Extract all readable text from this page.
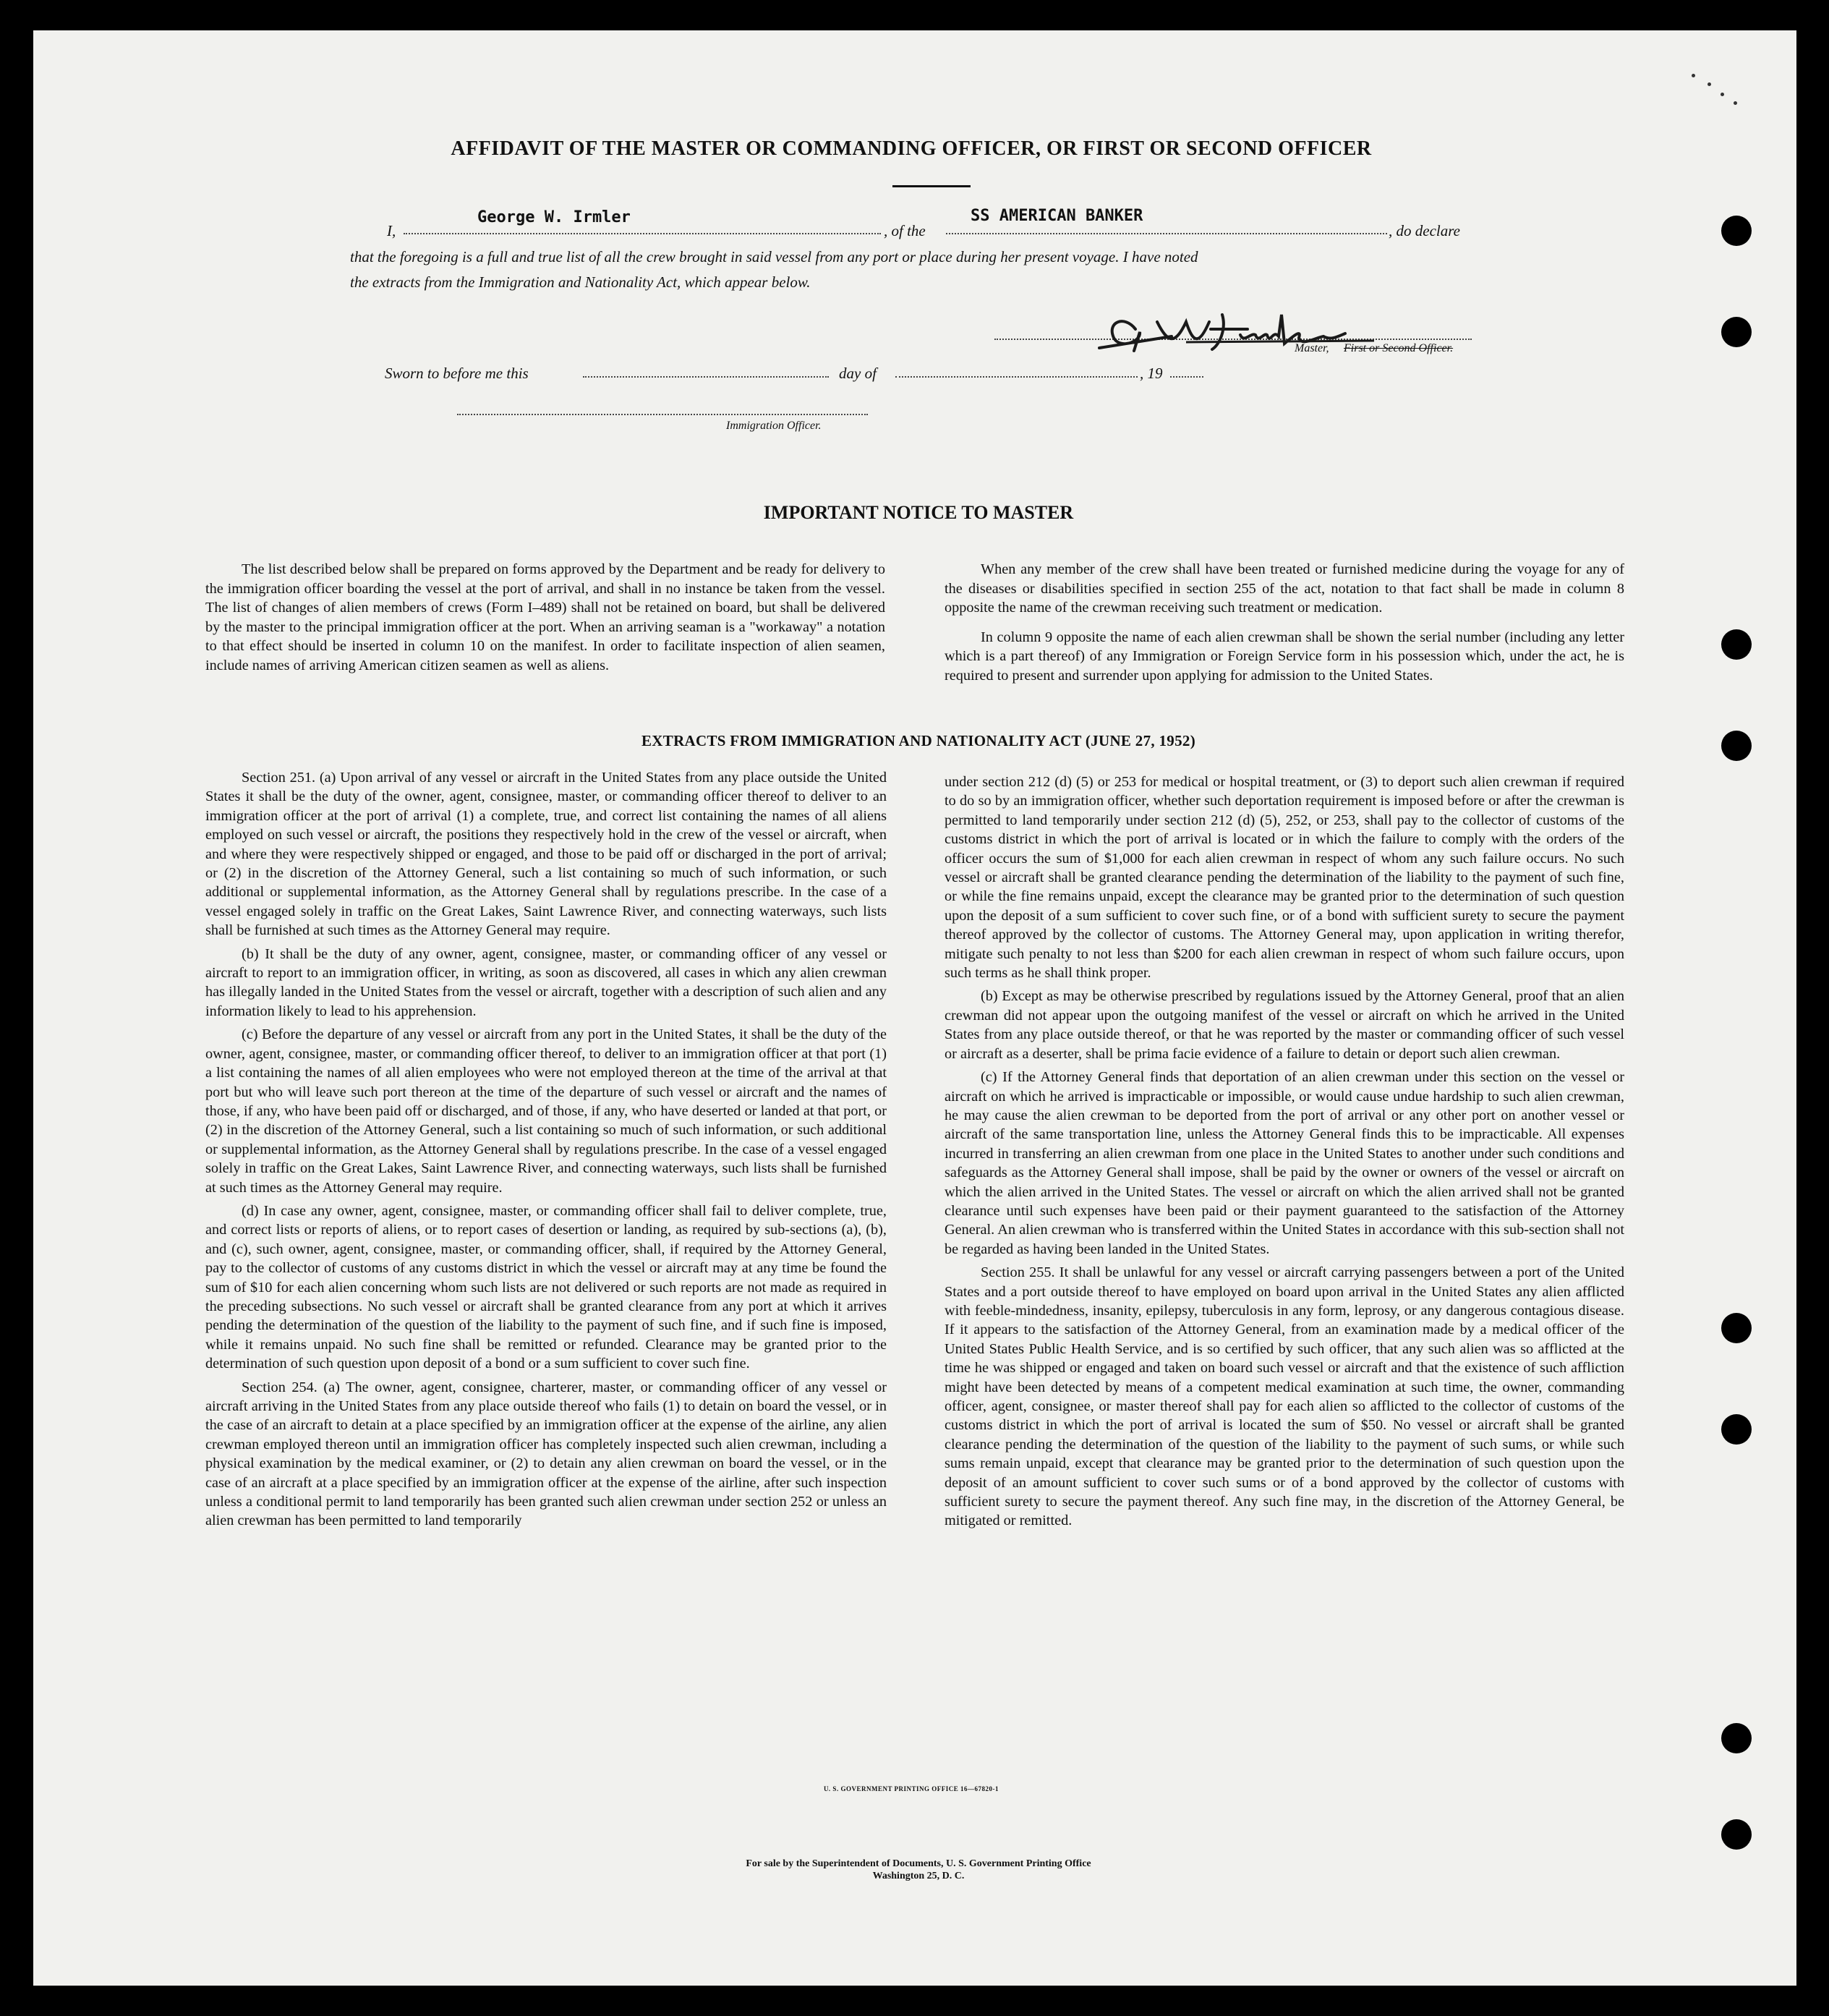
AFFIDAVIT OF THE MASTER OR COMMANDING OFFICER, OR FIRST OR SECOND OFFICER
I,
George W. Irmler
, of the
SS AMERICAN BANKER
, do declare
that the foregoing is a full and true list of all the crew brought in said vessel from any port or place during her present voyage. I have noted
the extracts from the Immigration and Nationality Act, which appear below.
Master, First or Second Officer.
Sworn to before me this	day of	, 19
Immigration Officer.
IMPORTANT NOTICE TO MASTER

The list described below shall be prepared on forms approved by the Department and be ready for delivery to the immigration officer boarding the vessel at the port of arrival, and shall in no instance be taken from the vessel. The list of changes of alien members of crews (Form I–489) shall not be retained on board, but shall be delivered by the master to the principal immigration officer at the port. When an arriving seaman is a "workaway" a notation to that effect should be inserted in column 10 on the manifest. In order to facilitate inspection of alien seamen, include names of arriving American citizen seamen as well as aliens.

When any member of the crew shall have been treated or furnished medicine during the voyage for any of the diseases or disabilities specified in section 255 of the act, notation to that fact shall be made in column 8 opposite the name of the crewman receiving such treatment or medication.

In column 9 opposite the name of each alien crewman shall be shown the serial number (including any letter which is a part thereof) of any Immigration or Foreign Service form in his possession which, under the act, he is required to present and surrender upon applying for admission to the United States.

EXTRACTS FROM IMMIGRATION AND NATIONALITY ACT (JUNE 27, 1952)

Section 251. (a) Upon arrival of any vessel or aircraft in the United States from any place outside the United States it shall be the duty of the owner, agent, consignee, master, or commanding officer thereof to deliver to an immigration officer at the port of arrival (1) a complete, true, and correct list containing the names of all aliens employed on such vessel or aircraft, the positions they respectively hold in the crew of the vessel or aircraft, when and where they were respectively shipped or engaged, and those to be paid off or discharged in the port of arrival; or (2) in the discretion of the Attorney General, such a list containing so much of such information, or such additional or supplemental information, as the Attorney General shall by regulations prescribe. In the case of a vessel engaged solely in traffic on the Great Lakes, Saint Lawrence River, and connecting waterways, such lists shall be furnished at such times as the Attorney General may require.

(b) It shall be the duty of any owner, agent, consignee, master, or commanding officer of any vessel or aircraft to report to an immigration officer, in writing, as soon as discovered, all cases in which any alien crewman has illegally landed in the United States from the vessel or aircraft, together with a description of such alien and any information likely to lead to his apprehension.

(c) Before the departure of any vessel or aircraft from any port in the United States, it shall be the duty of the owner, agent, consignee, master, or commanding officer thereof, to deliver to an immigration officer at that port (1) a list containing the names of all alien employees who were not employed thereon at the time of the arrival at that port but who will leave such port thereon at the time of the departure of such vessel or aircraft and the names of those, if any, who have been paid off or discharged, and of those, if any, who have deserted or landed at that port, or (2) in the discretion of the Attorney General, such a list containing so much of such information, or such additional or supplemental information, as the Attorney General shall by regulations prescribe. In the case of a vessel engaged solely in traffic on the Great Lakes, Saint Lawrence River, and connecting waterways, such lists shall be furnished at such times as the Attorney General may require.

(d) In case any owner, agent, consignee, master, or commanding officer shall fail to deliver complete, true, and correct lists or reports of aliens, or to report cases of desertion or landing, as required by sub-sections (a), (b), and (c), such owner, agent, consignee, master, or commanding officer, shall, if required by the Attorney General, pay to the collector of customs of any customs district in which the vessel or aircraft may at any time be found the sum of $10 for each alien concerning whom such lists are not delivered or such reports are not made as required in the preceding subsections. No such vessel or aircraft shall be granted clearance from any port at which it arrives pending the determination of the question of the liability to the payment of such fine, and if such fine is imposed, while it remains unpaid. No such fine shall be remitted or refunded. Clearance may be granted prior to the determination of such question upon deposit of a bond or a sum sufficient to cover such fine.

Section 254. (a) The owner, agent, consignee, charterer, master, or commanding officer of any vessel or aircraft arriving in the United States from any place outside thereof who fails (1) to detain on board the vessel, or in the case of an aircraft to detain at a place specified by an immigration officer at the expense of the airline, any alien crewman employed thereon until an immigration officer has completely inspected such alien crewman, including a physical examination by the medical examiner, or (2) to detain any alien crewman on board the vessel, or in the case of an aircraft at a place specified by an immigration officer at the expense of the airline, after such inspection unless a conditional permit to land temporarily has been granted such alien crewman under section 252 or unless an alien crewman has been permitted to land temporarily

under section 212 (d) (5) or 253 for medical or hospital treatment, or (3) to deport such alien crewman if required to do so by an immigration officer, whether such deportation requirement is imposed before or after the crewman is permitted to land temporarily under section 212 (d) (5), 252, or 253, shall pay to the collector of customs of the customs district in which the port of arrival is located or in which the failure to comply with the orders of the officer occurs the sum of $1,000 for each alien crewman in respect of whom any such failure occurs. No such vessel or aircraft shall be granted clearance pending the determination of the liability to the payment of such fine, or while the fine remains unpaid, except the clearance may be granted prior to the determination of such question upon the deposit of a sum sufficient to cover such fine, or of a bond with sufficient surety to secure the payment thereof approved by the collector of customs. The Attorney General may, upon application in writing therefor, mitigate such penalty to not less than $200 for each alien crewman in respect of whom such failure occurs, upon such terms as he shall think proper.

(b) Except as may be otherwise prescribed by regulations issued by the Attorney General, proof that an alien crewman did not appear upon the outgoing manifest of the vessel or aircraft on which he arrived in the United States from any place outside thereof, or that he was reported by the master or commanding officer of such vessel or aircraft as a deserter, shall be prima facie evidence of a failure to detain or deport such alien crewman.

(c) If the Attorney General finds that deportation of an alien crewman under this section on the vessel or aircraft on which he arrived is impracticable or impossible, or would cause undue hardship to such alien crewman, he may cause the alien crewman to be deported from the port of arrival or any other port on another vessel or aircraft of the same transportation line, unless the Attorney General finds this to be impracticable. All expenses incurred in transferring an alien crewman from one place in the United States to another under such conditions and safeguards as the Attorney General shall impose, shall be paid by the owner or owners of the vessel or aircraft on which the alien arrived in the United States. The vessel or aircraft on which the alien arrived shall not be granted clearance until such expenses have been paid or their payment guaranteed to the satisfaction of the Attorney General. An alien crewman who is transferred within the United States in accordance with this sub-section shall not be regarded as having been landed in the United States.

Section 255. It shall be unlawful for any vessel or aircraft carrying passengers between a port of the United States and a port outside thereof to have employed on board upon arrival in the United States any alien afflicted with feeble-mindedness, insanity, epilepsy, tuberculosis in any form, leprosy, or any dangerous contagious disease. If it appears to the satisfaction of the Attorney General, from an examination made by a medical officer of the United States Public Health Service, and is so certified by such officer, that any such alien was so afflicted at the time he was shipped or engaged and taken on board such vessel or aircraft and that the existence of such affliction might have been detected by means of a competent medical examination at such time, the owner, commanding officer, agent, consignee, or master thereof shall pay for each alien so afflicted to the collector of customs of the customs district in which the port of arrival is located the sum of $50. No vessel or aircraft shall be granted clearance pending the determination of the question of the liability to the payment of such sums, or while such sums remain unpaid, except that clearance may be granted prior to the determination of such question upon the deposit of an amount sufficient to cover such sums or of a bond approved by the collector of customs with sufficient surety to secure the payment thereof. Any such fine may, in the discretion of the Attorney General, be mitigated or remitted.

U. S. GOVERNMENT PRINTING OFFICE 16—67820-1
For sale by the Superintendent of Documents, U. S. Government Printing Office
Washington 25, D. C.
